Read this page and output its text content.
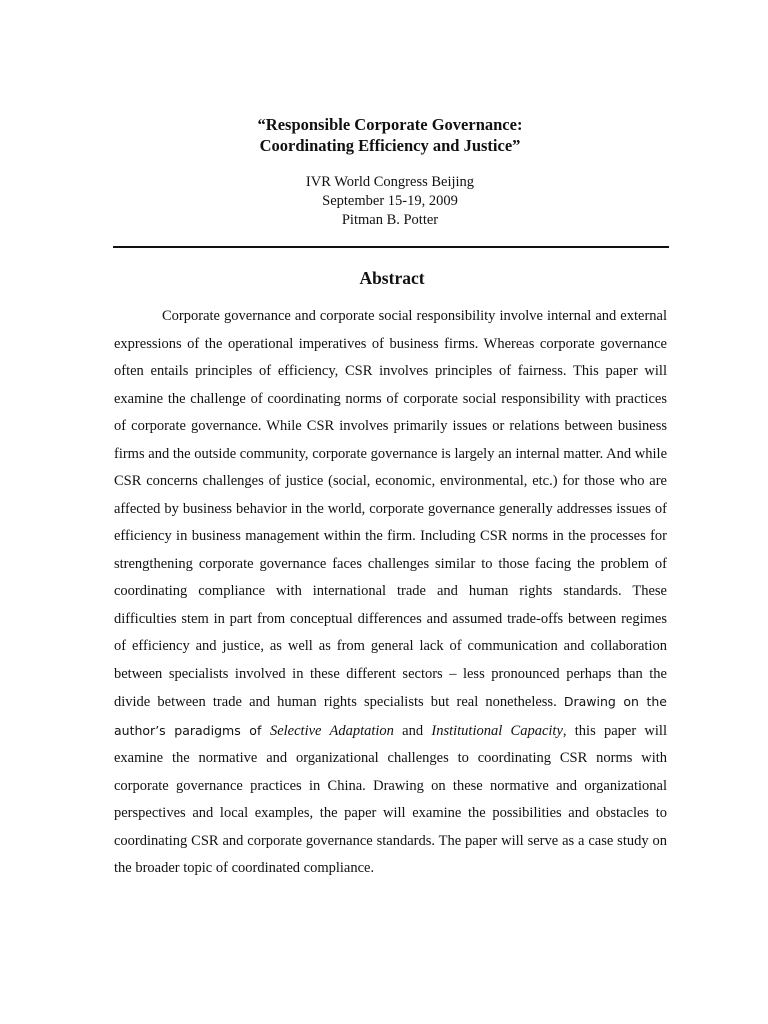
“Responsible Corporate Governance:
Coordinating Efficiency and Justice”
IVR World Congress Beijing
September 15-19, 2009
Pitman B. Potter
Abstract

Corporate governance and corporate social responsibility involve internal and external expressions of the operational imperatives of business firms. Whereas corporate governance often entails principles of efficiency, CSR involves principles of fairness. This paper will examine the challenge of coordinating norms of corporate social responsibility with practices of corporate governance. While CSR involves primarily issues or relations between business firms and the outside community, corporate governance is largely an internal matter. And while CSR concerns challenges of justice (social, economic, environmental, etc.) for those who are affected by business behavior in the world, corporate governance generally addresses issues of efficiency in business management within the firm. Including CSR norms in the processes for strengthening corporate governance faces challenges similar to those facing the problem of coordinating compliance with international trade and human rights standards. These difficulties stem in part from conceptual differences and assumed trade-offs between regimes of efficiency and justice, as well as from general lack of communication and collaboration between specialists involved in these different sectors – less pronounced perhaps than the divide between trade and human rights specialists but real nonetheless. Drawing on the author’s paradigms of Selective Adaptation and Institutional Capacity, this paper will examine the normative and organizational challenges to coordinating CSR norms with corporate governance practices in China. Drawing on these normative and organizational perspectives and local examples, the paper will examine the possibilities and obstacles to coordinating CSR and corporate governance standards. The paper will serve as a case study on the broader topic of coordinated compliance.
